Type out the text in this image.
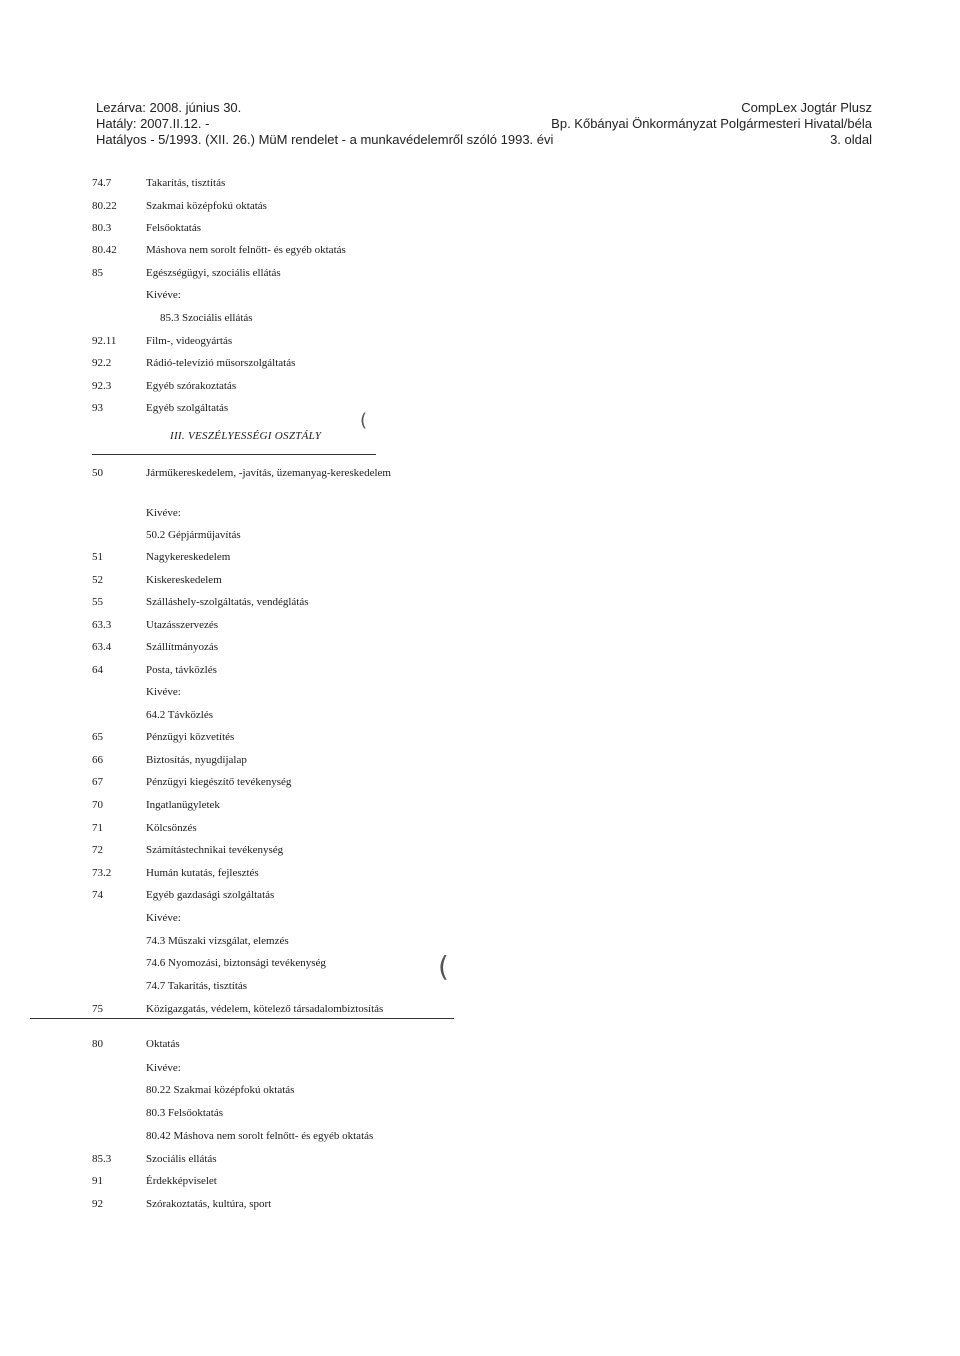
Lezárva: 2008. június 30.
Hatály: 2007.II.12. -
Hatályos - 5/1993. (XII. 26.) MüM rendelet - a munkavédelemről szóló 1993. évi
CompLex Jogtár Plusz
Bp. Kőbányai Önkormányzat Polgármesteri Hivatal/béla
3. oldal
74.7	Takarítás, tisztítás
80.22	Szakmai középfokú oktatás
80.3	Felsőoktatás
80.42	Máshova nem sorolt felnőtt- és egyéb oktatás
85	Egészségügyi, szociális ellátás
Kivéve:
85.3 Szociális ellátás
92.11	Film-, videogyártás
92.2	Rádió-televízió műsorszolgáltatás
92.3	Egyéb szórakoztatás
93	Egyéb szolgáltatás
III. VESZÉLYESSÉGI OSZTÁLY
(
50	Járműkereskedelem, -javítás, üzemanyag-kereskedelem
Kivéve:
50.2 Gépjárműjavítás
51	Nagykereskedelem
52	Kiskereskedelem
55	Szálláshely-szolgáltatás, vendéglátás
63.3	Utazásszervezés
63.4	Szállítmányozás
64	Posta, távközlés
Kivéve:
64.2 Távközlés
65	Pénzügyi közvetítés
66	Biztosítás, nyugdíjalap
67	Pénzügyi kiegészítő tevékenység
70	Ingatlanügyletek
71	Kölcsönzés
72	Számítástechnikai tevékenység
73.2	Humán kutatás, fejlesztés
74	Egyéb gazdasági szolgáltatás
Kivéve:
74.3 Műszaki vizsgálat, elemzés
74.6 Nyomozási, biztonsági tevékenység
74.7 Takarítás, tisztítás
75	Közigazgatás, védelem, kötelező társadalombiztosítás
(
80	Oktatás
Kivéve:
80.22 Szakmai középfokú oktatás
80.3 Felsőoktatás
80.42 Máshova nem sorolt felnőtt- és egyéb oktatás
85.3	Szociális ellátás
91	Érdekképviselet
92	Szórakoztatás, kultúra, sport
